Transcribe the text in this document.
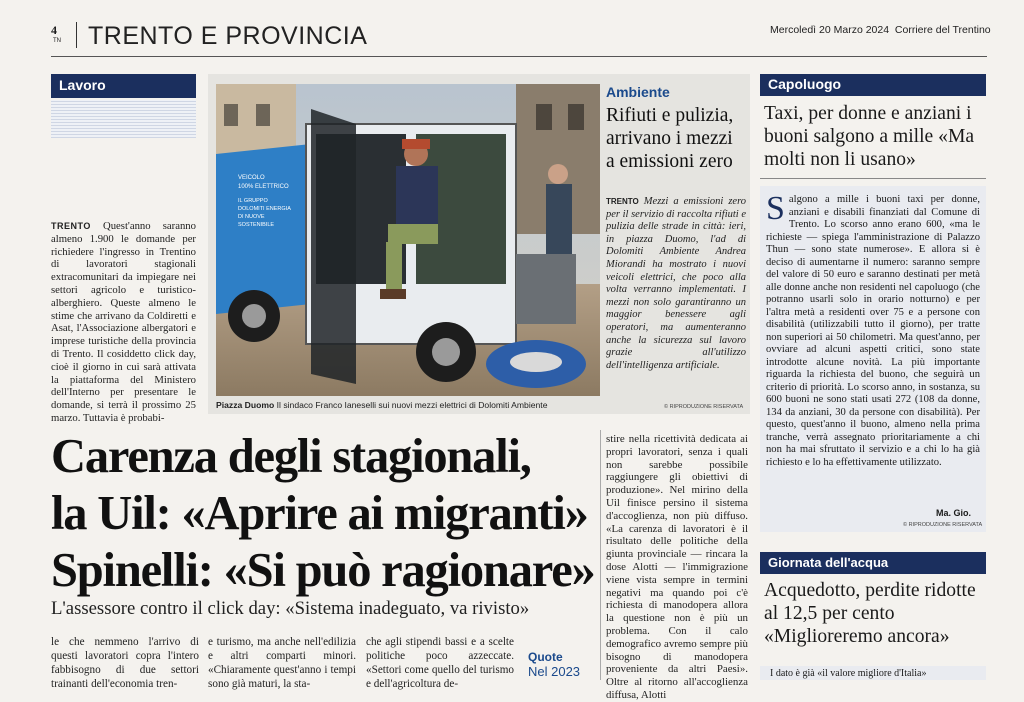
4
TN TRENTO E PROVINCIA	Mercoledì 20 Marzo 2024 Corriere del Trentino
Lavoro
TRENTO Quest'anno saranno almeno 1.900 le domande per richiedere l'ingresso in Trentino di lavoratori stagionali extracomunitari da impiegare nei settori agricolo e turistico-alberghiero. Queste almeno le stime che arrivano da Coldiretti e Asat, l'Associazione albergatori e imprese turistiche della provincia di Trento. Il cosiddetto click day, cioè il giorno in cui sarà attivata la piattaforma del Ministero dell'Interno per presentare le domande, si terrà il prossimo 25 marzo. Tuttavia è probabi-
VEICOLO
100% ELETTRICO
IL GRUPPO
DOLOMITI ENERGIA
DI NUOVE
SOSTENIBILE
Piazza Duomo Il sindaco Franco Ianeselli sui nuovi mezzi elettrici di Dolomiti Ambiente	© RIPRODUZIONE RISERVATA
Ambiente
Rifiuti e pulizia, arrivano i mezzi a emissioni zero
TRENTO Mezzi a emissioni zero per il servizio di raccolta rifiuti e pulizia delle strade in città: ieri, in piazza Duomo, l'ad di Dolomiti Ambiente Andrea Miorandi ha mostrato i nuovi veicoli elettrici, che poco alla volta verranno implementati. I mezzi non solo garantiranno un maggior benessere agli operatori, ma aumenteranno anche la sicurezza sul lavoro grazie all'utilizzo dell'intelligenza artificiale.
Capoluogo
Taxi, per donne e anziani i buoni salgono a mille «Ma molti non li usano»
Salgono a mille i buoni taxi per donne, anziani e disabili finanziati dal Comune di Trento. Lo scorso anno erano 600, «ma le richieste — spiega l'amministrazione di Palazzo Thun — sono state numerose». E allora si è deciso di aumentarne il numero: saranno sempre del valore di 50 euro e saranno destinati per metà alle donne anche non residenti nel capoluogo (che potranno usarli solo in orario notturno) e per l'altra metà a residenti over 75 e a persone con disabilità (utilizzabili tutto il giorno), per tratte non superiori ai 50 chilometri. Ma quest'anno, per ovviare ad alcuni aspetti critici, sono state introdotte alcune novità. La più importante riguarda la richiesta del buono, che seguirà un criterio di priorità. Lo scorso anno, in sostanza, su 600 buoni ne sono stati usati 272 (108 da donne, 134 da anziani, 30 da persone con disabilità). Per questo, quest'anno il buono, almeno nella prima tranche, verrà assegnato prioritariamente a chi non ha mai sfruttato il servizio e a chi lo ha già richiesto e lo ha effettivamente utilizzato.
Ma. Gio.
© RIPRODUZIONE RISERVATA
Giornata dell'acqua
Acquedotto, perdite ridotte al 12,5 per cento «Miglioreremo ancora»
I dato è già «il valore migliore d'Italia»
Carenza degli stagionali,
la Uil: «Aprire ai migranti»
Spinelli: «Si può ragionare»
L'assessore contro il click day: «Sistema inadeguato, va rivisto»
stire nella ricettività dedicata ai propri lavoratori, senza i quali non sarebbe possibile raggiungere gli obiettivi di produzione». Nel mirino della Uil finisce persino il sistema d'accoglienza, non più diffuso. «La carenza di lavoratori è il risultato delle politiche della giunta provinciale — rincara la dose Alotti — l'immigrazione viene vista sempre in termini negativi ma quando poi c'è richiesta di manodopera allora la questione non è più un problema. Con il calo demografico avremo sempre più bisogno di manodopera proveniente da altri Paesi». Oltre al ritorno all'accoglienza diffusa, Alotti
le che nemmeno l'arrivo di questi lavoratori copra l'intero fabbisogno di due settori trainanti dell'economia tren-
e turismo, ma anche nell'edilizia e altri comparti minori. «Chiaramente quest'anno i tempi sono già maturi, la sta-
che agli stipendi bassi e a scelte politiche poco azzeccate. «Settori come quello del turismo e dell'agricoltura de-
Quote
Nel 2023
